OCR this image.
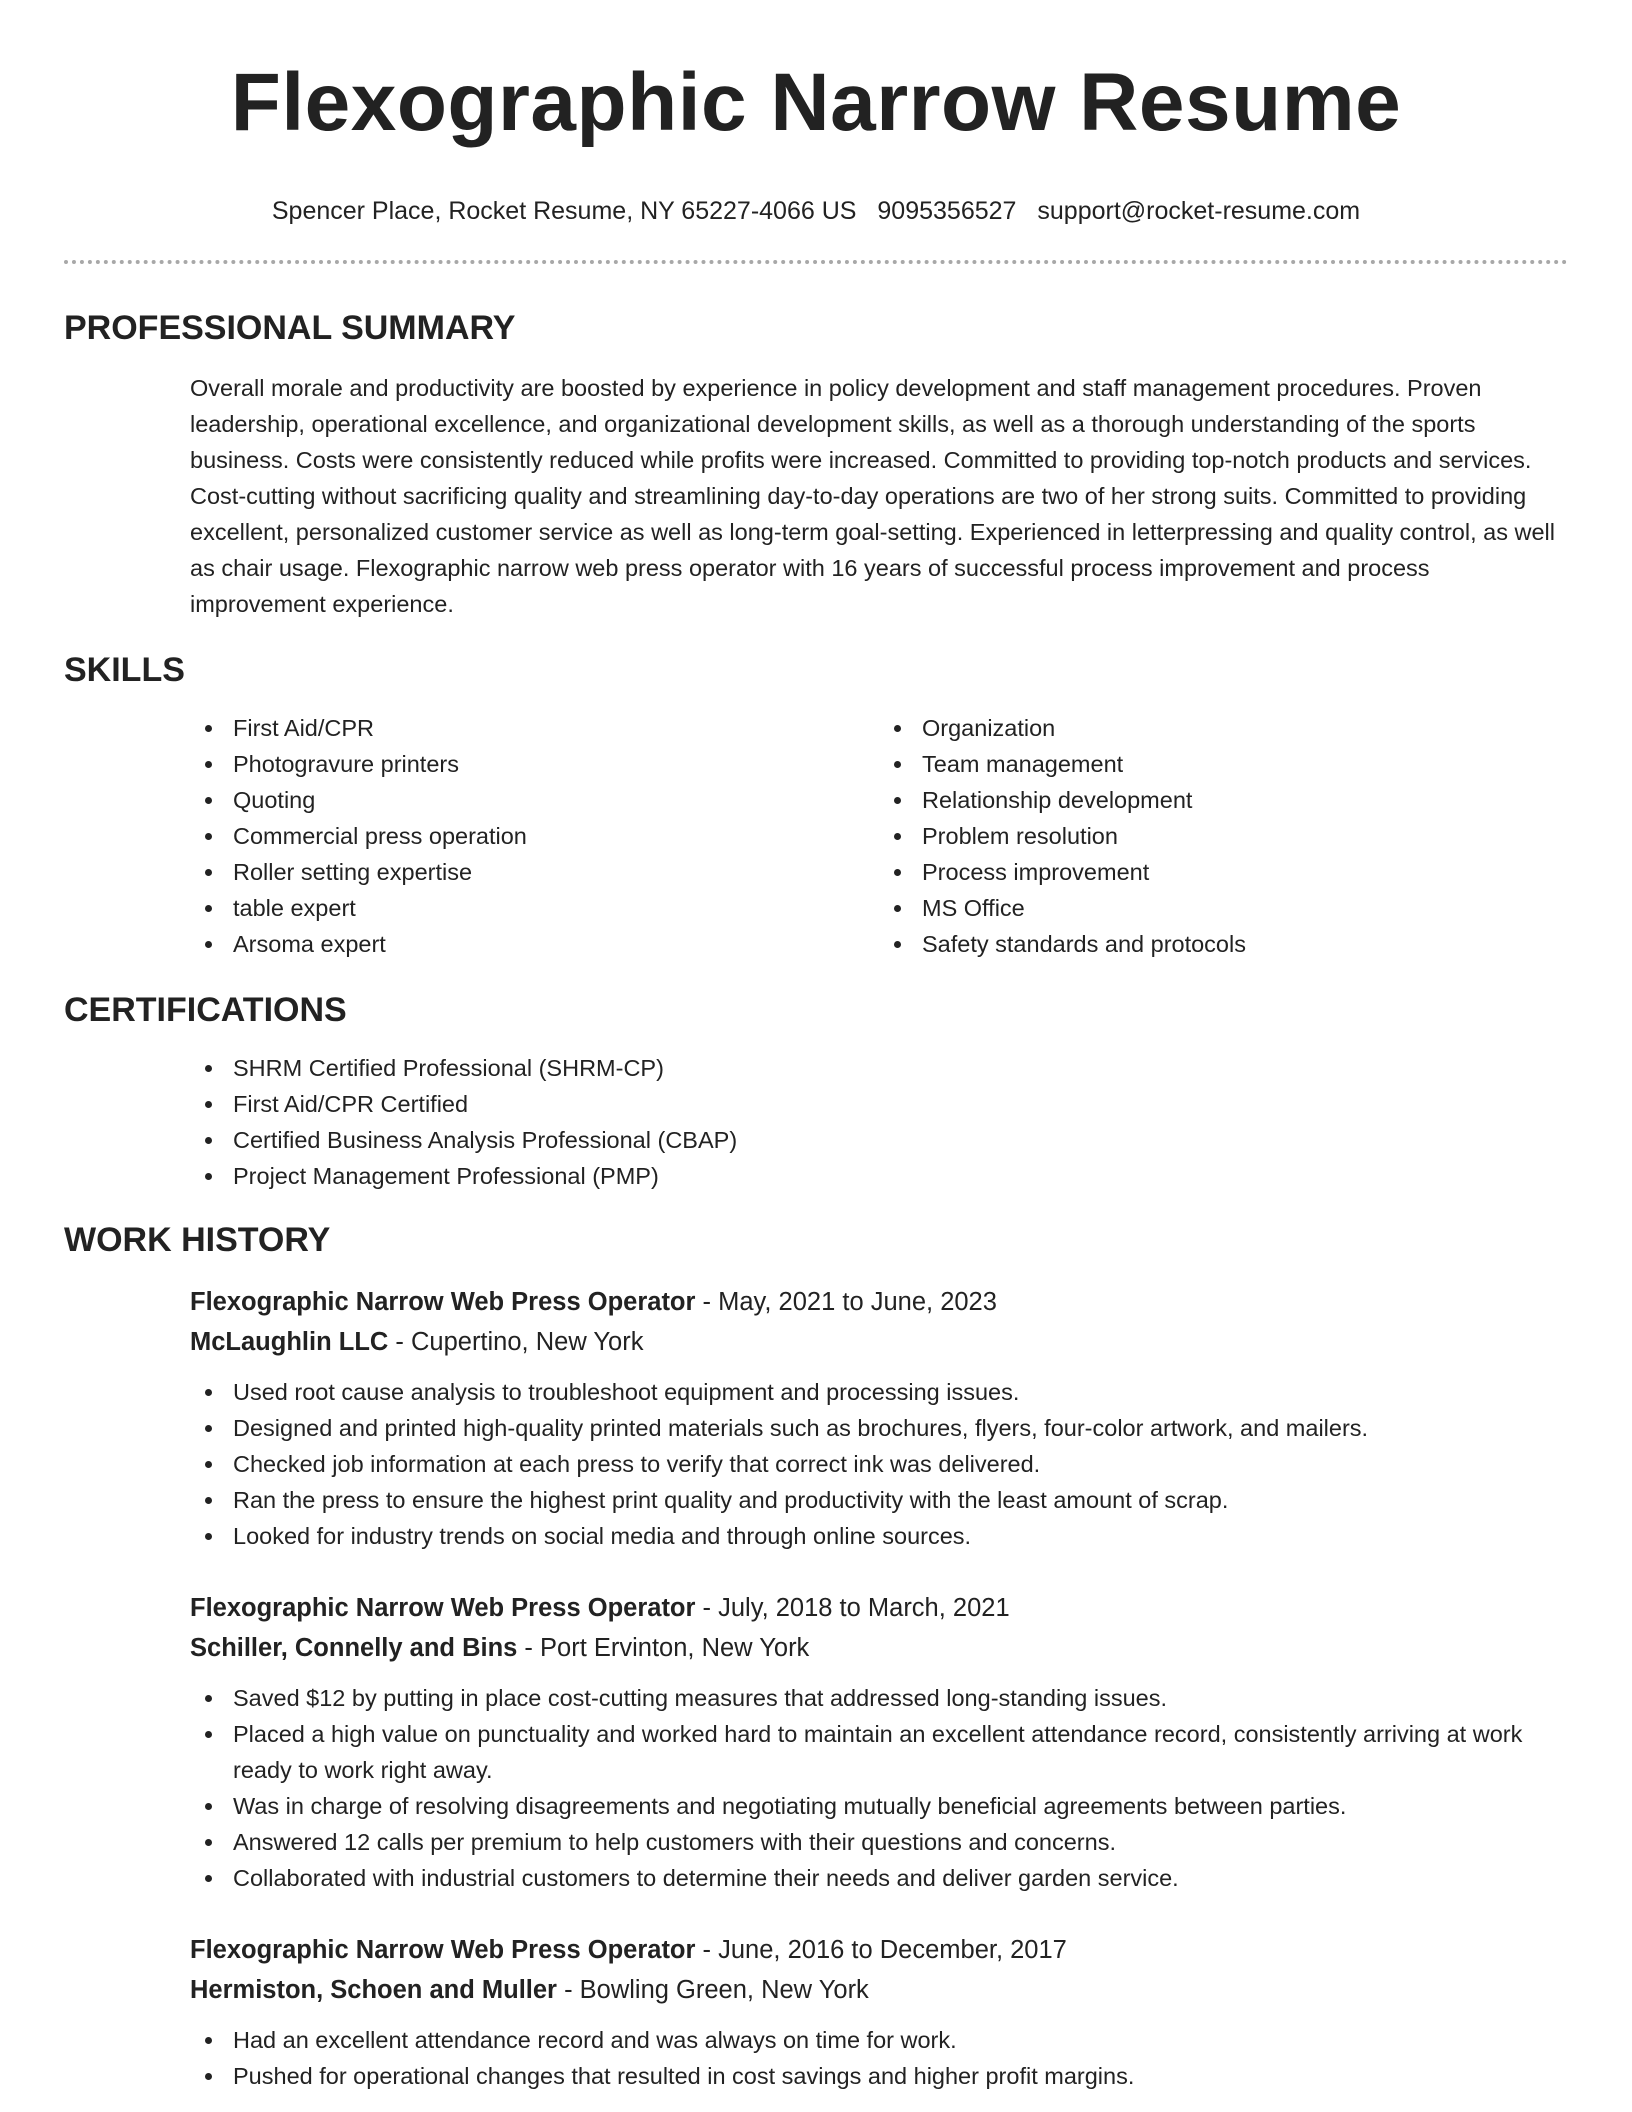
Flexographic Narrow Resume
Spencer Place, Rocket Resume, NY 65227-4066 US 9095356527 support@rocket-resume.com
PROFESSIONAL SUMMARY

Overall morale and productivity are boosted by experience in policy development and staff management procedures. Proven leadership, operational excellence, and organizational development skills, as well as a thorough understanding of the sports business. Costs were consistently reduced while profits were increased. Committed to providing top-notch products and services. Cost-cutting without sacrificing quality and streamlining day-to-day operations are two of her strong suits. Committed to providing excellent, personalized customer service as well as long-term goal-setting. Experienced in letterpressing and quality control, as well as chair usage. Flexographic narrow web press operator with 16 years of successful process improvement and process improvement experience.

SKILLS
First Aid/CPR
Photogravure printers
Quoting
Commercial press operation
Roller setting expertise
table expert
Arsoma expert
Organization
Team management
Relationship development
Problem resolution
Process improvement
MS Office
Safety standards and protocols
CERTIFICATIONS
SHRM Certified Professional (SHRM-CP)
First Aid/CPR Certified
Certified Business Analysis Professional (CBAP)
Project Management Professional (PMP)
WORK HISTORY
Flexographic Narrow Web Press Operator - May, 2021 to June, 2023
McLaughlin LLC - Cupertino, New York
Used root cause analysis to troubleshoot equipment and processing issues.
Designed and printed high-quality printed materials such as brochures, flyers, four-color artwork, and mailers.
Checked job information at each press to verify that correct ink was delivered.
Ran the press to ensure the highest print quality and productivity with the least amount of scrap.
Looked for industry trends on social media and through online sources.
Flexographic Narrow Web Press Operator - July, 2018 to March, 2021
Schiller, Connelly and Bins - Port Ervinton, New York
Saved $12 by putting in place cost-cutting measures that addressed long-standing issues.
Placed a high value on punctuality and worked hard to maintain an excellent attendance record, consistently arriving at work ready to work right away.
Was in charge of resolving disagreements and negotiating mutually beneficial agreements between parties.
Answered 12 calls per premium to help customers with their questions and concerns.
Collaborated with industrial customers to determine their needs and deliver garden service.
Flexographic Narrow Web Press Operator - June, 2016 to December, 2017
Hermiston, Schoen and Muller - Bowling Green, New York
Had an excellent attendance record and was always on time for work.
Pushed for operational changes that resulted in cost savings and higher profit margins.
